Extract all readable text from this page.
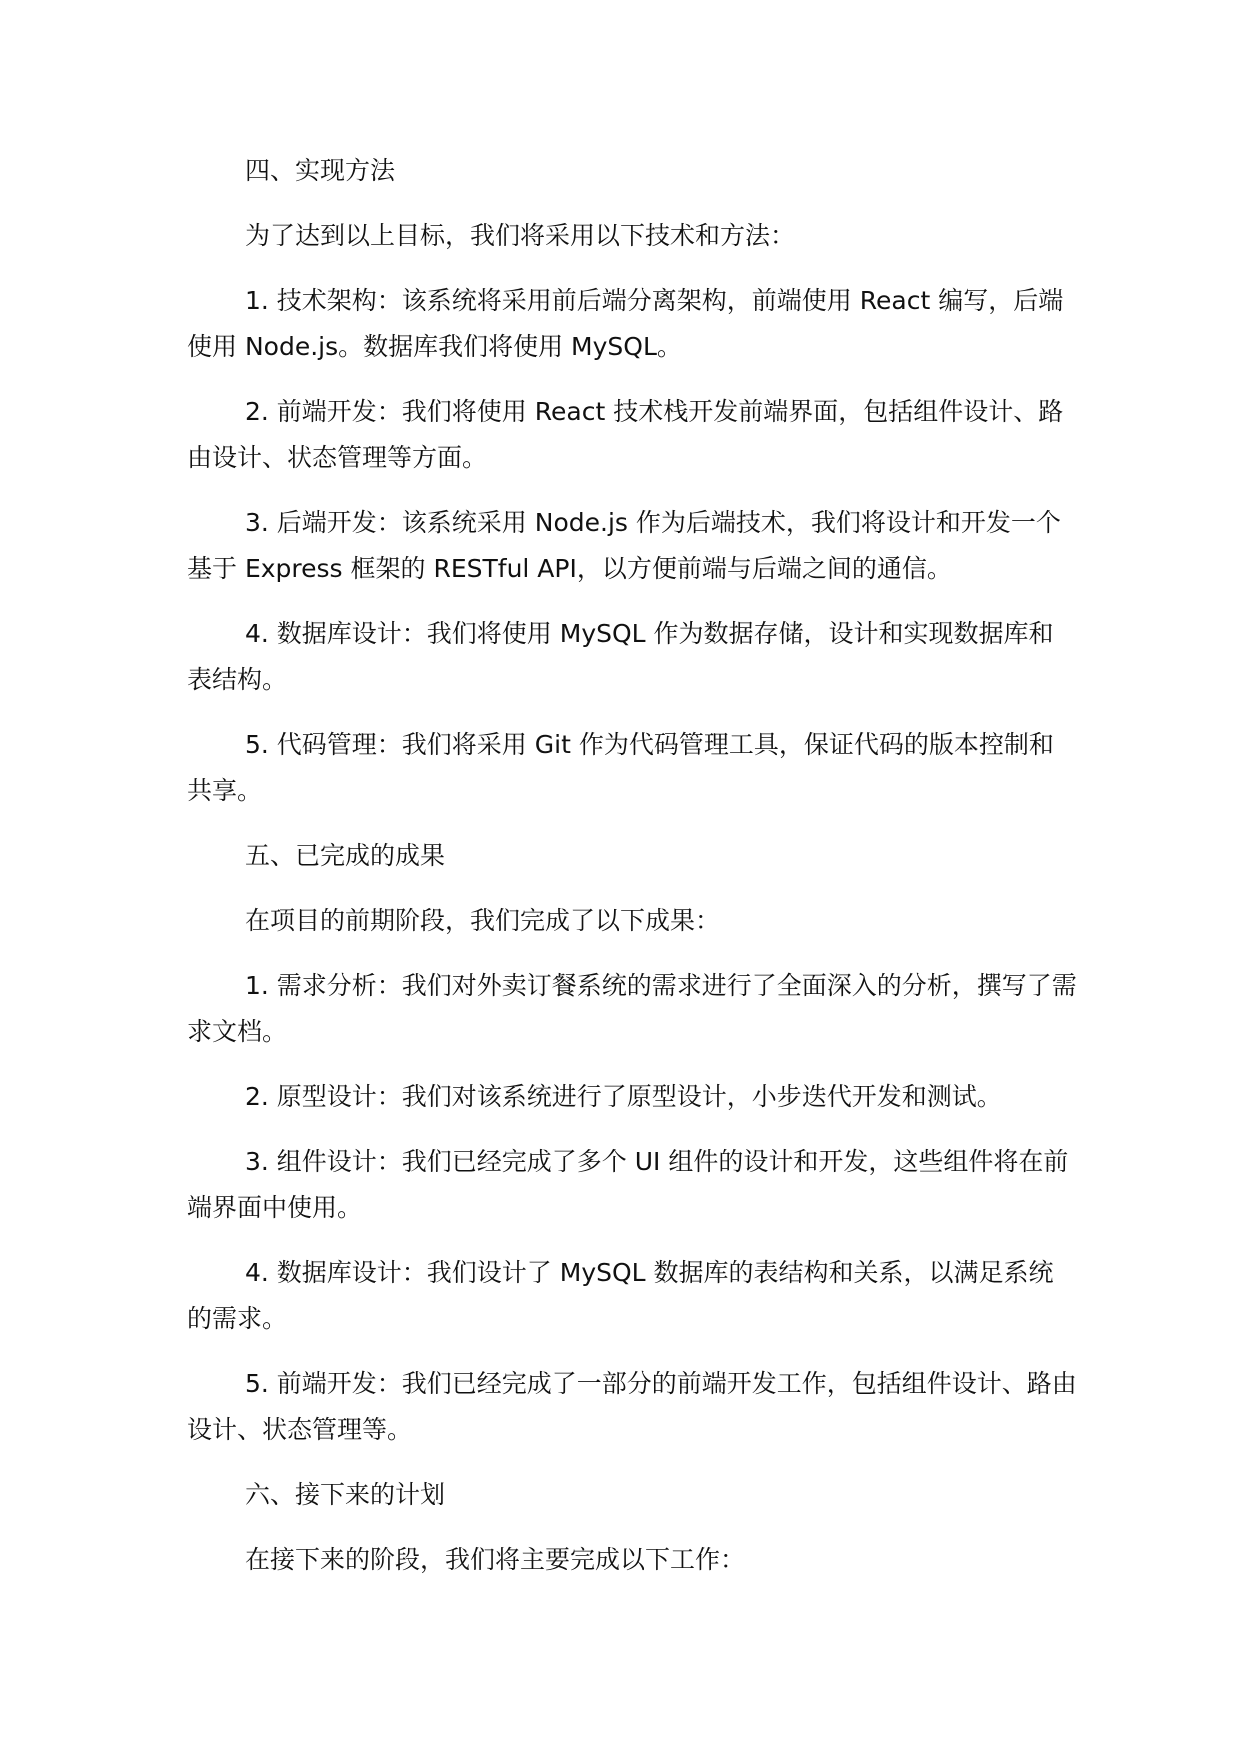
四、实现方法

为了达到以上目标，我们将采用以下技术和方法：

1. 技术架构：该系统将采用前后端分离架构，前端使用 React 编写，后端使用 Node.js。数据库我们将使用 MySQL。

2. 前端开发：我们将使用 React 技术栈开发前端界面，包括组件设计、路由设计、状态管理等方面。

3. 后端开发：该系统采用 Node.js 作为后端技术，我们将设计和开发一个基于 Express 框架的 RESTful API，以方便前端与后端之间的通信。

4. 数据库设计：我们将使用 MySQL 作为数据存储，设计和实现数据库和表结构。

5. 代码管理：我们将采用 Git 作为代码管理工具，保证代码的版本控制和共享。

五、已完成的成果

在项目的前期阶段，我们完成了以下成果：

1. 需求分析：我们对外卖订餐系统的需求进行了全面深入的分析，撰写了需求文档。

2. 原型设计：我们对该系统进行了原型设计，小步迭代开发和测试。

3. 组件设计：我们已经完成了多个 UI 组件的设计和开发，这些组件将在前端界面中使用。

4. 数据库设计：我们设计了 MySQL 数据库的表结构和关系，以满足系统的需求。

5. 前端开发：我们已经完成了一部分的前端开发工作，包括组件设计、路由设计、状态管理等。

六、接下来的计划

在接下来的阶段，我们将主要完成以下工作：
